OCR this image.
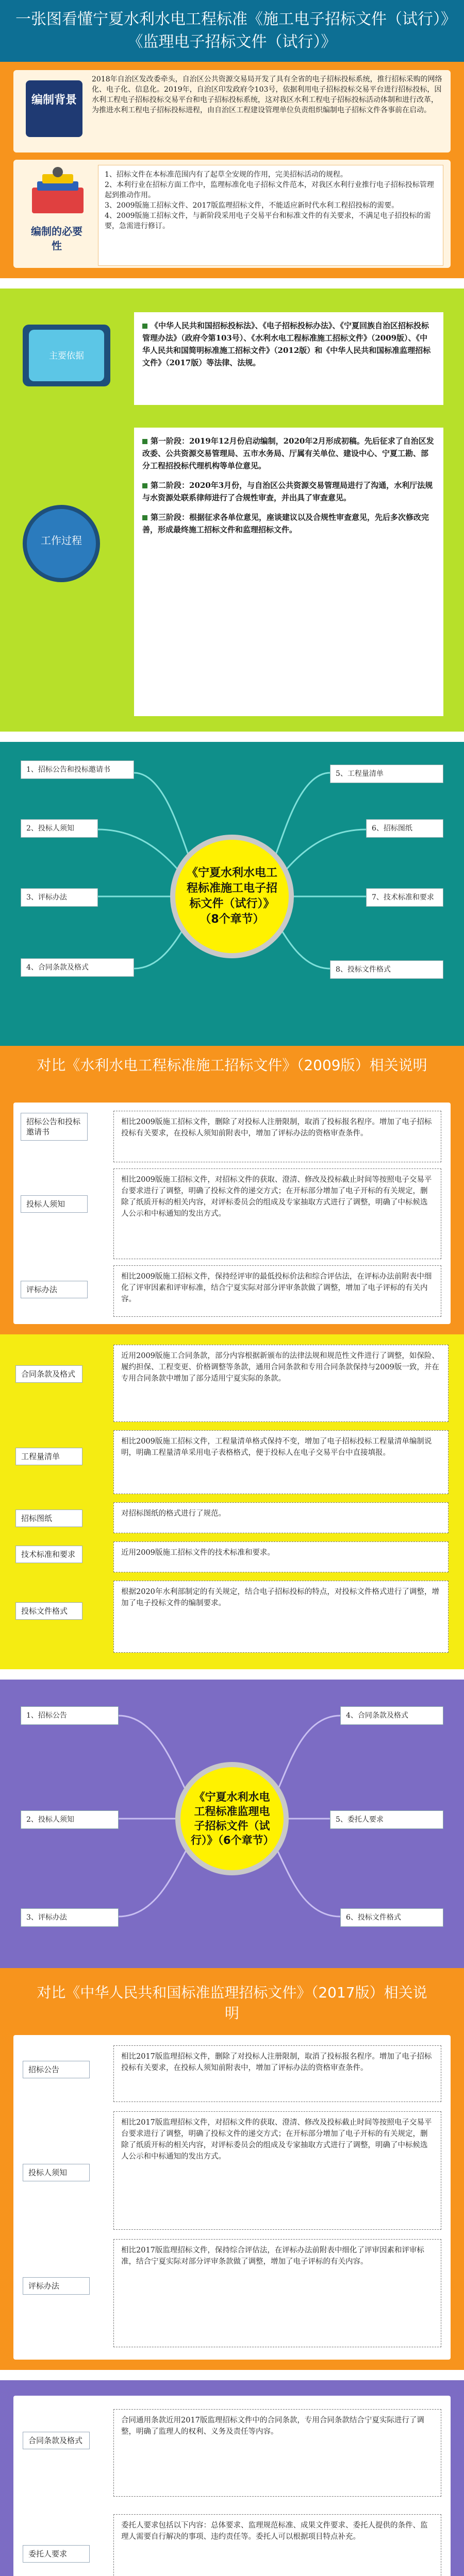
一张图看懂宁夏水利水电工程标准《施工电子招标文件（试行）》《监理电子招标文件（试行）》
编制背景
2018年自治区发改委牵头，自治区公共资源交易局开发了具有全省的电子招标投标系统，推行招标采购的网络化、电子化、信息化。2019年，自治区印发政府令103号，依据利用电子招标投标交易平台进行招标投标，因水利工程电子招标投标交易平台和电子招标投标系统，这对我区水利工程电子招标投标活动体制和进行改革，为推进水利工程电子招标投标进程，由自治区工程建设管理单位负责组织编制电子招标文件各事前在启动。
编制的必要性
1、招标文件在本标准范围内有了起草全安规的作用，完美招标活动的规程。
2、本利行业在招标方面工作中，监理标准化电子招标文件范本，对我区水利行业推行电子招标投标管理起到推动作用。
3、2009版施工招标文件、2017版监理招标文件，不能适应新时代水利工程招投标的需要。
4、2009版施工招标文件，与新阶段采用电子交易平台和标准文件的有关要求，不满足电子招投标的需要，急需进行修订。
主要依据
《中华人民共和国招标投标法》、《电子招标投标办法》、《宁夏回族自治区招标投标管理办法》（政府令第103号）、《水利水电工程标准施工招标文件》（2009版）、《中华人民共和国简明标准施工招标文件》（2012版）和《中华人民共和国标准监理招标文件》（2017版）等法律、法规。
工作过程

第一阶段：2019年12月份启动编制，2020年2月形成初稿。先后征求了自治区发改委、公共资源交易管理局、五市水务局、厅属有关单位、建设中心、宁夏工勘、部分工程招投标代理机构等单位意见。

第二阶段：2020年3月份，与自治区公共资源交易管理局进行了沟通，水利厅法规与水资源处联系律师进行了合规性审查，并出具了审查意见。

第三阶段：根据征求各单位意见，座谈建议以及合规性审查意见，先后多次修改完善，形成最终施工招标文件和监理招标文件。

《宁夏水利水电工程标准施工电子招标文件（试行）》（8个章节）
1、招标公告和投标邀请书
2、投标人须知
3、评标办法
4、合同条款及格式
5、工程量清单
6、招标图纸
7、技术标准和要求
8、投标文件格式
对比《水利水电工程标准施工招标文件》（2009版）相关说明
招标公告和投标邀请书
相比2009版施工招标文件，删除了对投标人注册限制，取消了投标报名程序。增加了电子招标投标有关要求，在投标人须知前附表中，增加了评标办法的资格审查条件。
投标人须知
相比2009版施工招标文件，对招标文件的获取、澄清、修改及投标截止时间等按照电子交易平台要求进行了调整，明确了投标文件的递交方式；在开标部分增加了电子开标的有关规定，删除了纸质开标的相关内容，对评标委员会的组成及专家抽取方式进行了调整，明确了中标候选人公示和中标通知的发出方式。
评标办法
相比2009版施工招标文件，保持经评审的最低投标价法和综合评估法，在评标办法前附表中细化了评审因素和评审标准，结合宁夏实际对部分评审条款做了调整，增加了电子评标的有关内容。
合同条款及格式
近用2009版施工合同条款，部分内容根据新颁布的法律法规和规范性文件进行了调整，如保险、履约担保、工程变更、价格调整等条款，通用合同条款和专用合同条款保持与2009版一致，并在专用合同条款中增加了部分适用宁夏实际的条款。
工程量清单
相比2009版施工招标文件，工程量清单格式保持不变，增加了电子招标投标工程量清单编制说明，明确工程量清单采用电子表格格式，便于投标人在电子交易平台中直接填报。
招标图纸	对招标图纸的格式进行了规范。
技术标准和要求	近用2009版施工招标文件的技术标准和要求。
投标文件格式
根据2020年水利部制定的有关规定，结合电子招标投标的特点，对投标文件格式进行了调整，增加了电子投标文件的编制要求。
《宁夏水利水电工程标准监理电子招标文件（试行）》（6个章节）
1、招标公告
2、投标人须知
3、评标办法
4、合同条款及格式
5、委托人要求
6、投标文件格式
对比《中华人民共和国标准监理招标文件》（2017版）相关说明
招标公告
相比2017版监理招标文件，删除了对投标人注册限制，取消了投标报名程序。增加了电子招标投标有关要求，在投标人须知前附表中，增加了评标办法的资格审查条件。
投标人须知
相比2017版监理招标文件，对招标文件的获取、澄清、修改及投标截止时间等按照电子交易平台要求进行了调整，明确了投标文件的递交方式；在开标部分增加了电子开标的有关规定，删除了纸质开标的相关内容，对评标委员会的组成及专家抽取方式进行了调整，明确了中标候选人公示和中标通知的发出方式。
评标办法
相比2017版监理招标文件，保持综合评估法，在评标办法前附表中细化了评审因素和评审标准，结合宁夏实际对部分评审条款做了调整，增加了电子评标的有关内容。
合同条款及格式
合同通用条款近用2017版监理招标文件中的合同条款，专用合同条款结合宁夏实际进行了调整，明确了监理人的权利、义务及责任等内容。
委托人要求
委托人要求包括以下内容：总体要求、监理规范标准、成果文件要求、委托人提供的条件、监理人需要自行解决的事项、违约责任等。委托人可以根据项目特点补充。
